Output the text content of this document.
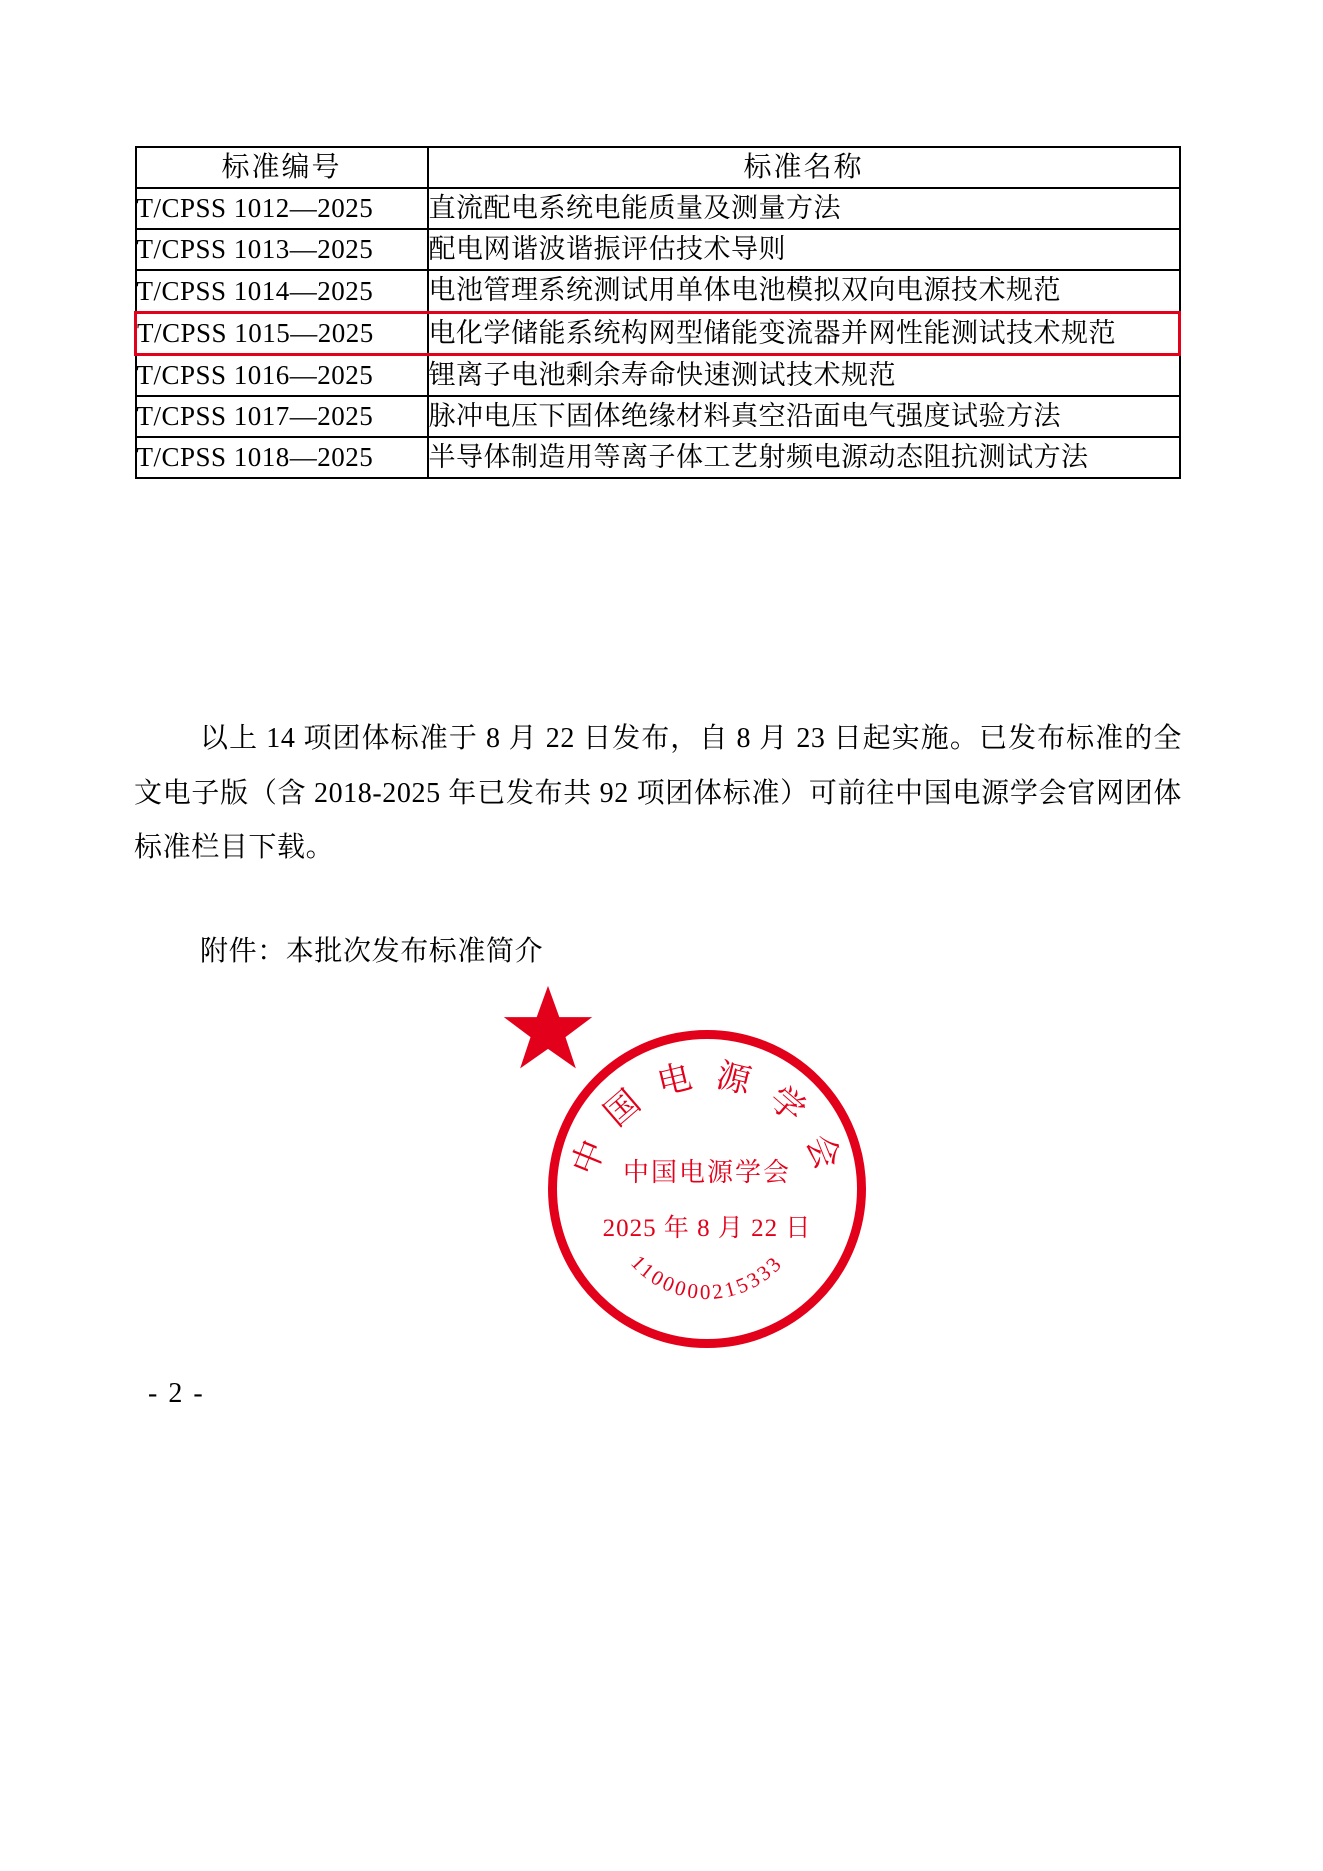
标准编号	标准名称
T/CPSS 1012—2025	直流配电系统电能质量及测量方法
T/CPSS 1013—2025	配电网谐波谐振评估技术导则
T/CPSS 1014—2025	电池管理系统测试用单体电池模拟双向电源技术规范
T/CPSS 1015—2025	电化学储能系统构网型储能变流器并网性能测试技术规范
T/CPSS 1016—2025	锂离子电池剩余寿命快速测试技术规范
T/CPSS 1017—2025	脉冲电压下固体绝缘材料真空沿面电气强度试验方法
T/CPSS 1018—2025	半导体制造用等离子体工艺射频电源动态阻抗测试方法
以上 14 项团体标准于 8 月 22 日发布，自 8 月 23 日起实施。已发布标准的全文电子版（含 2018-2025 年已发布共 92 项团体标准）可前往中国电源学会官网团体标准栏目下载。
附件：本批次发布标准简介
中 国 电 源 学 会
1100000215333
中国电源学会
2025 年 8 月 22 日
- 2 -
